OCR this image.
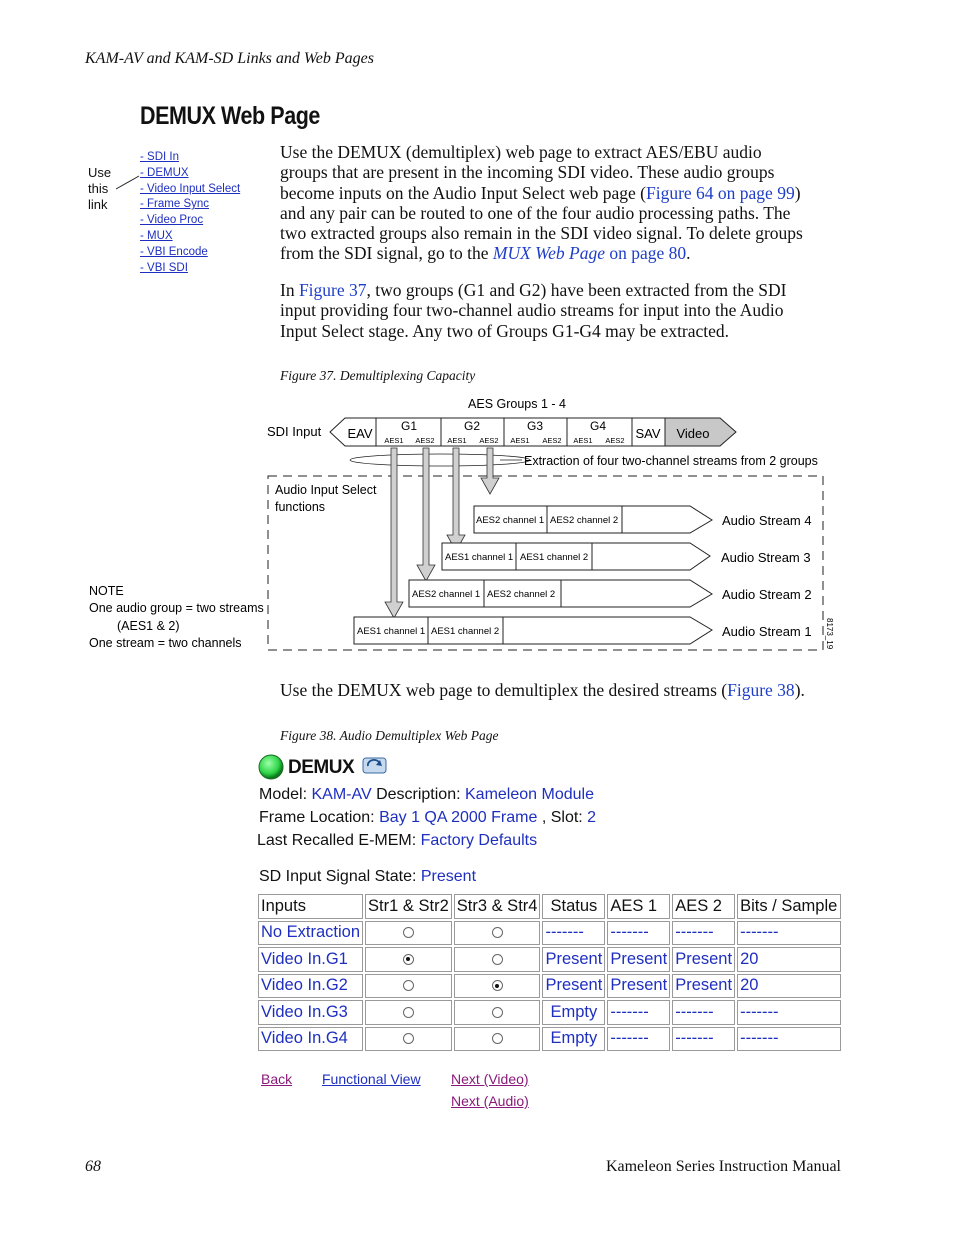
KAM-AV and KAM-SD Links and Web Pages
DEMUX Web Page
Use
this
link
- SDI In
- DEMUX
- Video Input Select
- Frame Sync
- Video Proc
- MUX
- VBI Encode
- VBI SDI
Use the DEMUX (demultiplex) web page to extract AES/EBU audio
groups that are present in the incoming SDI video. These audio groups
become inputs on the Audio Input Select web page (Figure 64 on page 99)
and any pair can be routed to one of the four audio processing paths. The
two extracted groups also remain in the SDI video signal. To delete groups
from the SDI signal, go to the MUX Web Page on page 80.
In Figure 37, two groups (G1 and G2) have been extracted from the SDI
input providing four two-channel audio streams for input into the Audio
Input Select stage. Any two of Groups G1-G4 may be extracted.
Figure 37. Demultiplexing Capacity
AES Groups 1 - 4
SDI Input EAV	SAV Video
G1	G2	G3	G4
AES1 AES2 AES1 AES2 AES1 AES2 AES1 AES2
Extraction of four two-channel streams from 2 groups
Audio Input Select
functions
AES2 channel 1 AES2 channel 2	Audio Stream 4
AES1 channel 1 AES1 channel 2	Audio Stream 3
AES2 channel 1 AES2 channel 2	Audio Stream 2
AES1 channel 1 AES1 channel 2	Audio Stream 1
NOTE
One audio group = two streams
(AES1 & 2)
One stream = two channels	8173_19
Use the DEMUX web page to demultiplex the desired streams (Figure 38).
Figure 38. Audio Demultiplex Web Page
DEMUX
Model: KAM-AV Description: Kameleon Module
Frame Location: Bay 1 QA 2000 Frame , Slot: 2
Last Recalled E-MEM: Factory Defaults
SD Input Signal State: Present
Inputs	Str1 & Str2	Str3 & Str4	Status	AES 1	AES 2	Bits / Sample
No Extraction			-------	-------	-------	-------
Video In.G1			Present	Present	Present	20
Video In.G2			Present	Present	Present	20
Video In.G3			Empty	-------	-------	-------
Video In.G4			Empty	-------	-------	-------
Back Functional View Next (Video)
Next (Audio)
68	Kameleon Series Instruction Manual
